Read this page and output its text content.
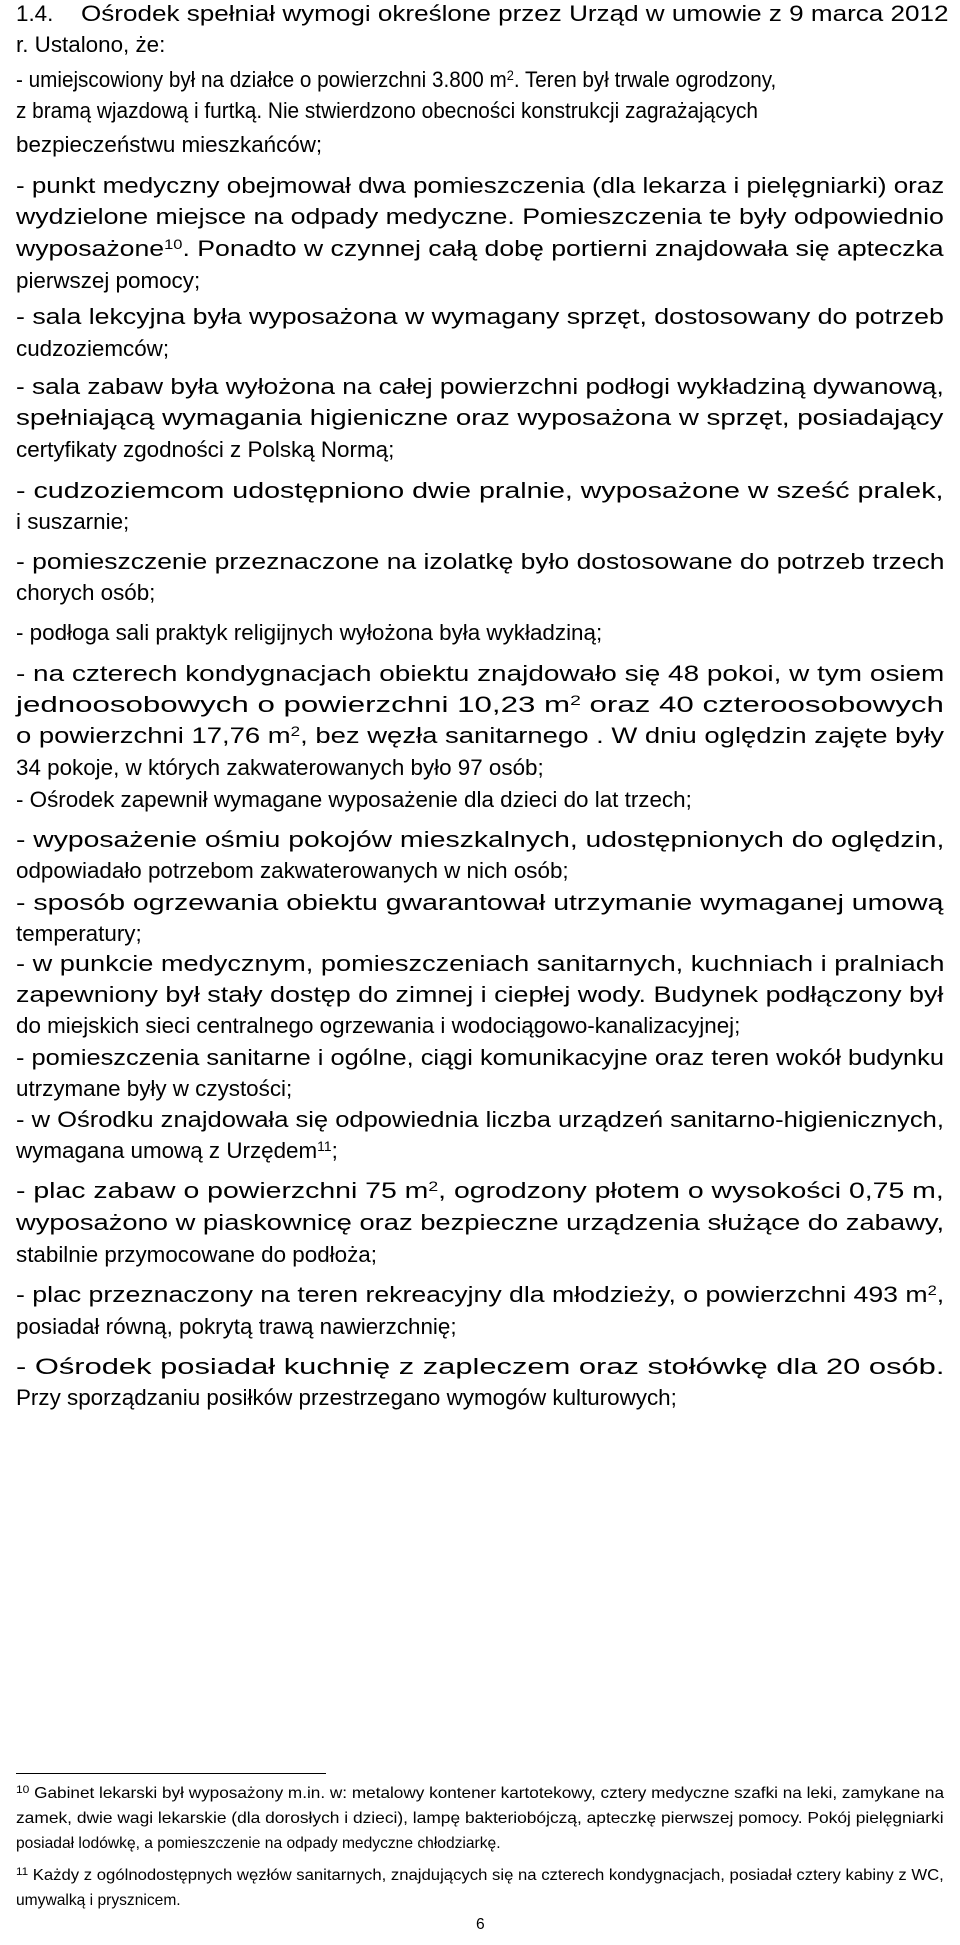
1.4. Ośrodek spełniał wymogi określone przez Urząd w umowie z 9 marca 2012
r. Ustalono, że:
- umiejscowiony był na działce o powierzchni 3.800 $m^2$. Teren był trwale ogrodzony,
z bramą wjazdową i furtką. Nie stwierdzono obecności konstrukcji zagrażających
bezpieczeństwu mieszkańców;
- punkt medyczny obejmował dwa pomieszczenia (dla lekarza i pielęgniarki) oraz
wydzielone miejsce na odpady medyczne. Pomieszczenia te były odpowiednio
wyposażone$^{10}$. Ponadto w czynnej całą dobę portierni znajdowała się apteczka
pierwszej pomocy;
- sala lekcyjna była wyposażona w wymagany sprzęt, dostosowany do potrzeb
cudzoziemców;
- sala zabaw była wyłożona na całej powierzchni podłogi wykładziną dywanową,
spełniającą wymagania higieniczne oraz wyposażona w sprzęt, posiadający
certyfikaty zgodności z Polską Normą;
- cudzoziemcom udostępniono dwie pralnie, wyposażone w sześć pralek,
i suszarnie;
- pomieszczenie przeznaczone na izolatkę było dostosowane do potrzeb trzech
chorych osób;
- podłoga sali praktyk religijnych wyłożona była wykładziną;
- na czterech kondygnacjach obiektu znajdowało się 48 pokoi, w tym osiem
jednoosobowych o powierzchni 10,23 $m^2$ oraz 40 czteroosobowych
o powierzchni 17,76 $m^2$, bez węzła sanitarnego . W dniu oględzin zajęte były
34 pokoje, w których zakwaterowanych było 97 osób;
- Ośrodek zapewnił wymagane wyposażenie dla dzieci do lat trzech;
- wyposażenie ośmiu pokojów mieszkalnych, udostępnionych do oględzin,
odpowiadało potrzebom zakwaterowanych w nich osób;
- sposób ogrzewania obiektu gwarantował utrzymanie wymaganej umową
temperatury;
- w punkcie medycznym, pomieszczeniach sanitarnych, kuchniach i pralniach
zapewniony był stały dostęp do zimnej i ciepłej wody. Budynek podłączony był
do miejskich sieci centralnego ogrzewania i wodociągowo-kanalizacyjnej;
- pomieszczenia sanitarne i ogólne, ciągi komunikacyjne oraz teren wokół budynku
utrzymane były w czystości;
- w Ośrodku znajdowała się odpowiednia liczba urządzeń sanitarno-higienicznych,
wymagana umową z Urzędem$^{11}$;
- plac zabaw o powierzchni 75 $m^2$, ogrodzony płotem o wysokości 0,75 m,
wyposażono w piaskownicę oraz bezpieczne urządzenia służące do zabawy,
stabilnie przymocowane do podłoża;
- plac przeznaczony na teren rekreacyjny dla młodzieży, o powierzchni 493 $m^2$,
posiadał równą, pokrytą trawą nawierzchnię;
- Ośrodek posiadał kuchnię z zapleczem oraz stołówkę dla 20 osób.
Przy sporządzaniu posiłków przestrzegano wymogów kulturowych;
$^{10}$ Gabinet lekarski był wyposażony m.in. w: metalowy kontener kartotekowy, cztery medyczne szafki na leki, zamykane na
zamek, dwie wagi lekarskie (dla dorosłych i dzieci), lampę bakteriobójczą, apteczkę pierwszej pomocy. Pokój pielęgniarki
posiadał lodówkę, a pomieszczenie na odpady medyczne chłodziarkę.
$^{11}$ Każdy z ogólnodostępnych węzłów sanitarnych, znajdujących się na czterech kondygnacjach, posiadał cztery kabiny z WC,
umywalką i prysznicem.
6
